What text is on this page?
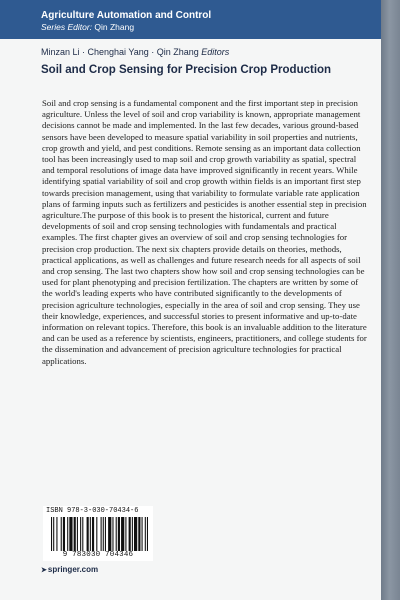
Agriculture Automation and Control
Series Editor: Qin Zhang
Minzan Li · Chenghai Yang · Qin Zhang Editors
Soil and Crop Sensing for Precision Crop Production

Soil and crop sensing is a fundamental component and the first important step in precision agriculture. Unless the level of soil and crop variability is known, appropriate management decisions cannot be made and implemented. In the last few decades, various ground-based sensors have been developed to measure spatial variability in soil properties and nutrients, crop growth and yield, and pest conditions. Remote sensing as an important data collection tool has been increasingly used to map soil and crop growth variability as spatial, spectral and temporal resolutions of image data have improved significantly in recent years. While identifying spatial variability of soil and crop growth within fields is an important first step towards precision management, using that variability to formulate variable rate application plans of farming inputs such as fertilizers and pesticides is another essential step in precision agriculture.The purpose of this book is to present the historical, current and future developments of soil and crop sensing technologies with fundamentals and practical examples. The first chapter gives an overview of soil and crop sensing technologies for precision crop production. The next six chapters provide details on theories, methods, practical applications, as well as challenges and future research needs for all aspects of soil and crop sensing. The last two chapters show how soil and crop sensing technologies can be used for plant phenotyping and precision fertilization. The chapters are written by some of the world's leading experts who have contributed significantly to the developments of precision agriculture technologies, especially in the area of soil and crop sensing. They use their knowledge, experiences, and successful stories to present informative and up-to-date information on relevant topics. Therefore, this book is an invaluable addition to the literature and can be used as a reference by scientists, engineers, practitioners, and college students for the dissemination and advancement of precision agriculture technologies for practical applications.

ISBN 978-3-030-70434-6
9 783030 704346
➤springer.com
